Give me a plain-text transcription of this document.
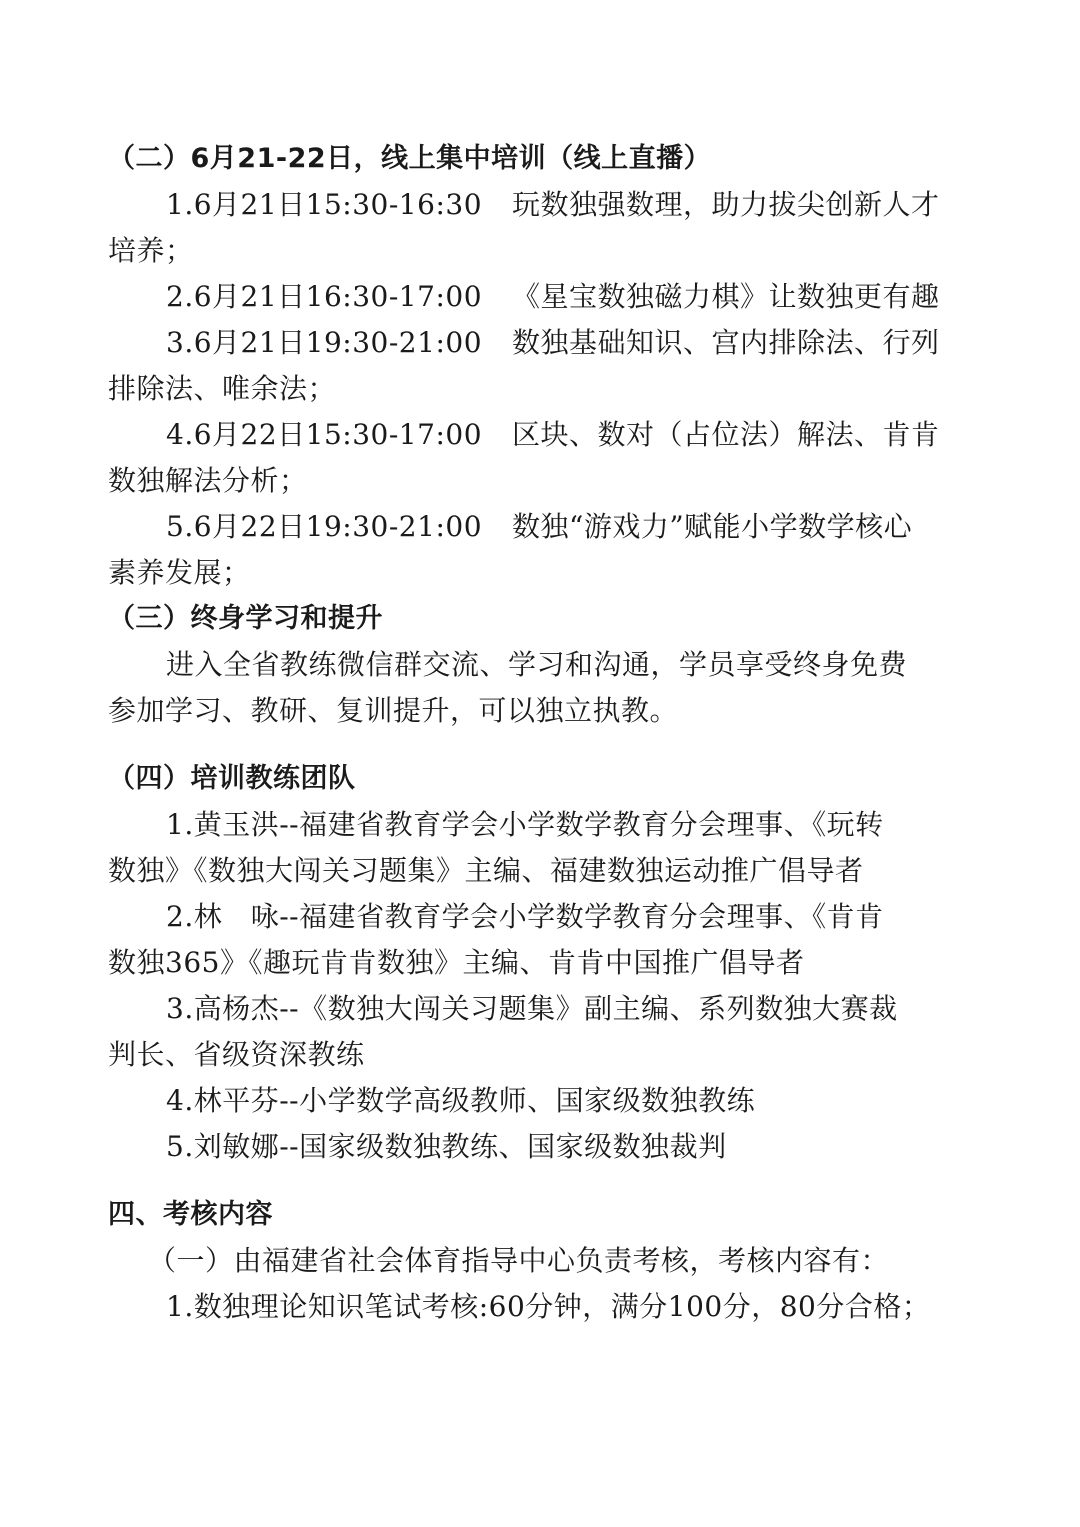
（二）6月21-22日，线上集中培训（线上直播）
1.6月21日15:30-16:30 玩数独强数理，助力拔尖创新人才
培养；
2.6月21日16:30-17:00 《星宝数独磁力棋》让数独更有趣
3.6月21日19:30-21:00 数独基础知识、宫内排除法、行列
排除法、唯余法；
4.6月22日15:30-17:00 区块、数对（占位法）解法、肯肯
数独解法分析；
5.6月22日19:30-21:00 数独“游戏力”赋能小学数学核心
素养发展；
（三）终身学习和提升
进入全省教练微信群交流、学习和沟通，学员享受终身免费
参加学习、教研、复训提升，可以独立执教。
（四）培训教练团队
1.黄玉洪--福建省教育学会小学数学教育分会理事、《玩转
数独》《数独大闯关习题集》主编、福建数独运动推广倡导者
2.林　咏--福建省教育学会小学数学教育分会理事、《肯肯
数独365》《趣玩肯肯数独》主编、肯肯中国推广倡导者
3.高杨杰--《数独大闯关习题集》副主编、系列数独大赛裁
判长、省级资深教练
4.林平芬--小学数学高级教师、国家级数独教练
5.刘敏娜--国家级数独教练、国家级数独裁判
四、考核内容
（一）由福建省社会体育指导中心负责考核，考核内容有：
1.数独理论知识笔试考核:60分钟，满分100分，80分合格；
